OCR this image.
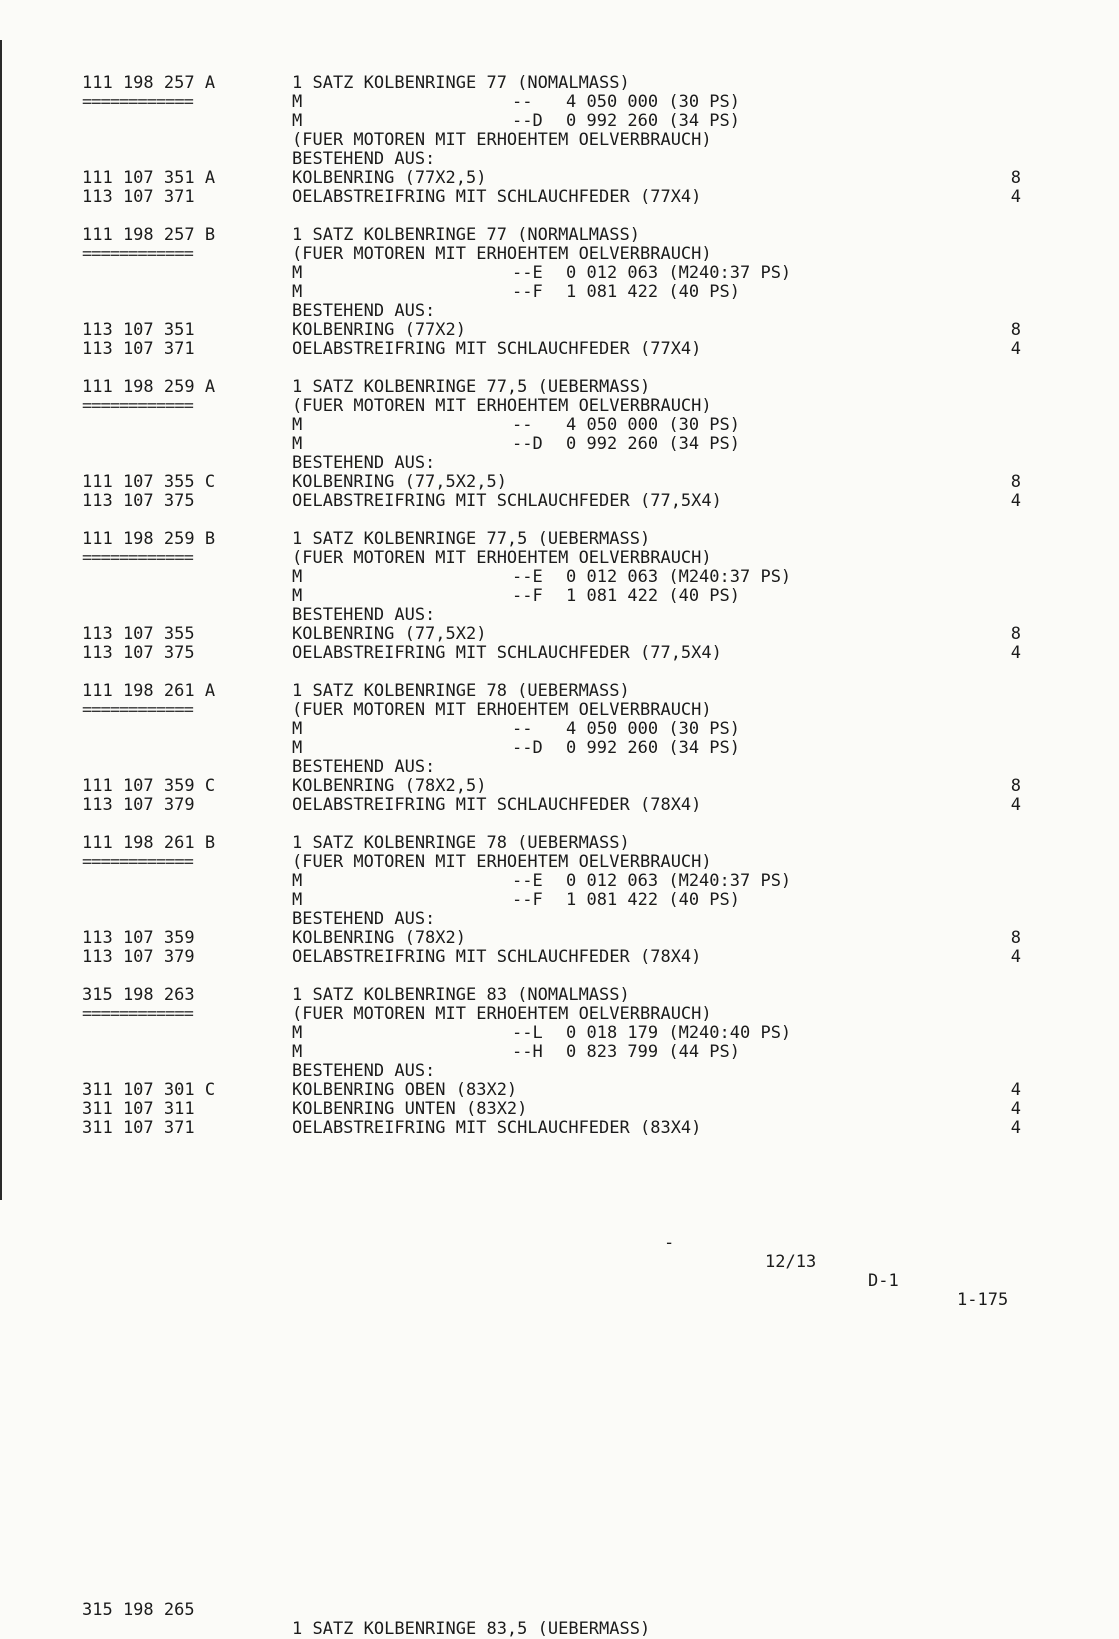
111 198 257 A	1 SATZ KOLBENRINGE 77 (NOMALMASS)
============	M	-- 4 050 000 (30 PS)
M	--D 0 992 260 (34 PS)
(FUER MOTOREN MIT ERHOEHTEM OELVERBRAUCH)
BESTEHEND AUS:
111 107 351 A	KOLBENRING (77X2,5)	8
113 107 371	OELABSTREIFRING MIT SCHLAUCHFEDER (77X4)	4
111 198 257 B	1 SATZ KOLBENRINGE 77 (NORMALMASS)
============	(FUER MOTOREN MIT ERHOEHTEM OELVERBRAUCH)
M	--E 0 012 063 (M240:37 PS)
M	--F 1 081 422 (40 PS)
BESTEHEND AUS:
113 107 351	KOLBENRING (77X2)	8
113 107 371	OELABSTREIFRING MIT SCHLAUCHFEDER (77X4)	4
111 198 259 A	1 SATZ KOLBENRINGE 77,5 (UEBERMASS)
============	(FUER MOTOREN MIT ERHOEHTEM OELVERBRAUCH)
M	-- 4 050 000 (30 PS)
M	--D 0 992 260 (34 PS)
BESTEHEND AUS:
111 107 355 C	KOLBENRING (77,5X2,5)	8
113 107 375	OELABSTREIFRING MIT SCHLAUCHFEDER (77,5X4)	4
111 198 259 B	1 SATZ KOLBENRINGE 77,5 (UEBERMASS)
============	(FUER MOTOREN MIT ERHOEHTEM OELVERBRAUCH)
M	--E 0 012 063 (M240:37 PS)
M	--F 1 081 422 (40 PS)
BESTEHEND AUS:
113 107 355	KOLBENRING (77,5X2)	8
113 107 375	OELABSTREIFRING MIT SCHLAUCHFEDER (77,5X4)	4
111 198 261 A	1 SATZ KOLBENRINGE 78 (UEBERMASS)
============	(FUER MOTOREN MIT ERHOEHTEM OELVERBRAUCH)
M	-- 4 050 000 (30 PS)
M	--D 0 992 260 (34 PS)
BESTEHEND AUS:
111 107 359 C	KOLBENRING (78X2,5)	8
113 107 379	OELABSTREIFRING MIT SCHLAUCHFEDER (78X4)	4
111 198 261 B	1 SATZ KOLBENRINGE 78 (UEBERMASS)
============	(FUER MOTOREN MIT ERHOEHTEM OELVERBRAUCH)
M	--E 0 012 063 (M240:37 PS)
M	--F 1 081 422 (40 PS)
BESTEHEND AUS:
113 107 359	KOLBENRING (78X2)	8
113 107 379	OELABSTREIFRING MIT SCHLAUCHFEDER (78X4)	4
315 198 263	1 SATZ KOLBENRINGE 83 (NOMALMASS)
============	(FUER MOTOREN MIT ERHOEHTEM OELVERBRAUCH)
M	--L 0 018 179 (M240:40 PS)
M	--H 0 823 799 (44 PS)
BESTEHEND AUS:
311 107 301 C	KOLBENRING OBEN (83X2)	4
311 107 311	KOLBENRING UNTEN (83X2)	4
311 107 371	OELABSTREIFRING MIT SCHLAUCHFEDER (83X4)	4

-

12/13

D-1

1-175

315 198 265

1 SATZ KOLBENRINGE 83,5 (UEBERMASS)
